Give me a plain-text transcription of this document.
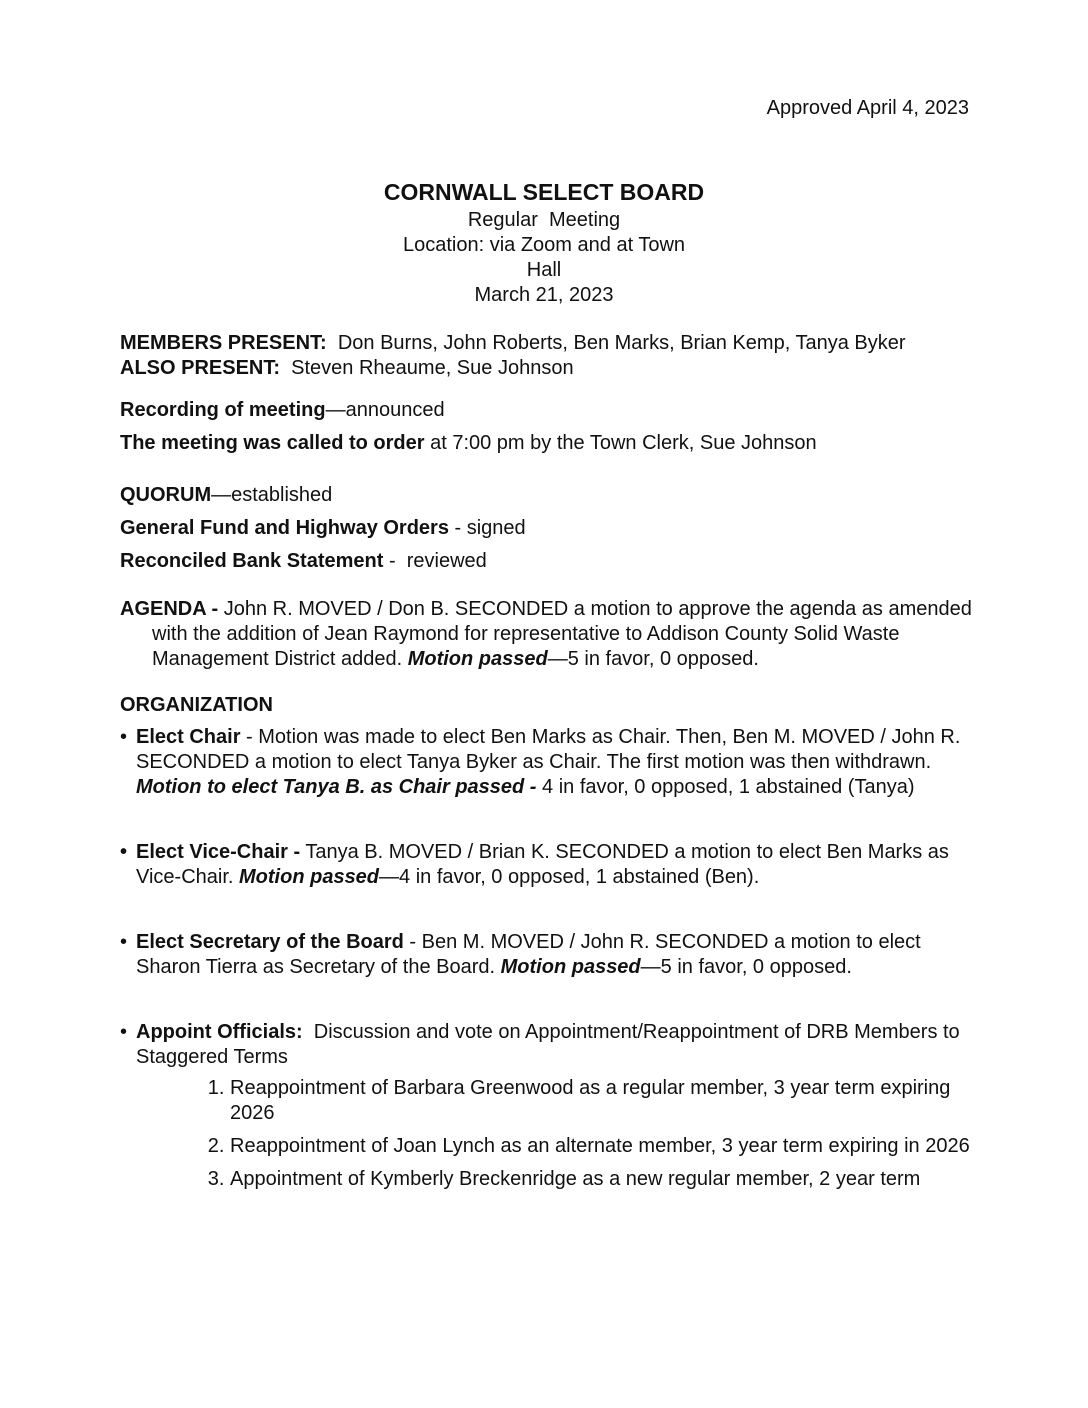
Approved April 4, 2023
CORNWALL SELECT BOARD
Regular  Meeting
Location: via Zoom and at Town Hall
March 21, 2023
MEMBERS PRESENT: Don Burns, John Roberts, Ben Marks, Brian Kemp, Tanya Byker
ALSO PRESENT: Steven Rheaume, Sue Johnson
Recording of meeting—announced
The meeting was called to order at 7:00 pm by the Town Clerk, Sue Johnson
QUORUM—established
General Fund and Highway Orders - signed
Reconciled Bank Statement -  reviewed
AGENDA - John R. MOVED / Don B. SECONDED a motion to approve the agenda as amended with the addition of Jean Raymond for representative to Addison County Solid Waste Management District added. Motion passed—5 in favor, 0 opposed.
ORGANIZATION
• Elect Chair - Motion was made to elect Ben Marks as Chair. Then, Ben M. MOVED / John R. SECONDED a motion to elect Tanya Byker as Chair. The first motion was then withdrawn. Motion to elect Tanya B. as Chair passed - 4 in favor, 0 opposed, 1 abstained (Tanya)
• Elect Vice-Chair - Tanya B. MOVED / Brian K. SECONDED a motion to elect Ben Marks as Vice-Chair. Motion passed—4 in favor, 0 opposed, 1 abstained (Ben).
• Elect Secretary of the Board - Ben M. MOVED / John R. SECONDED a motion to elect Sharon Tierra as Secretary of the Board. Motion passed—5 in favor, 0 opposed.
• Appoint Officials:  Discussion and vote on Appointment/Reappointment of DRB Members to Staggered Terms
1. Reappointment of Barbara Greenwood as a regular member, 3 year term expiring 2026
2. Reappointment of Joan Lynch as an alternate member, 3 year term expiring in 2026
3. Appointment of Kymberly Breckenridge as a new regular member, 2 year term
